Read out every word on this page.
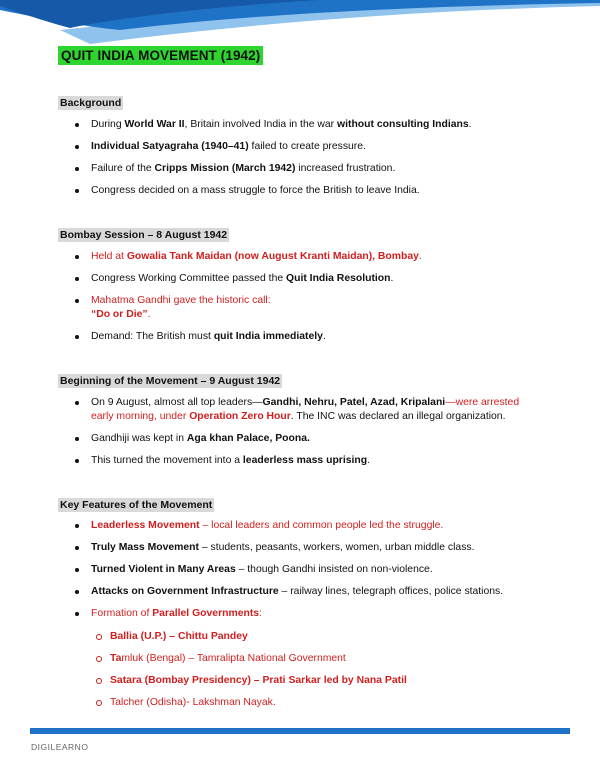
QUIT INDIA MOVEMENT (1942)
Background
During World War II, Britain involved India in the war without consulting Indians.
Individual Satyagraha (1940–41) failed to create pressure.
Failure of the Cripps Mission (March 1942) increased frustration.
Congress decided on a mass struggle to force the British to leave India.
Bombay Session – 8 August 1942
Held at Gowalia Tank Maidan (now August Kranti Maidan), Bombay.
Congress Working Committee passed the Quit India Resolution.
Mahatma Gandhi gave the historic call:
“Do or Die”.
Demand: The British must quit India immediately.
Beginning of the Movement – 9 August 1942
On 9 August, almost all top leaders—Gandhi, Nehru, Patel, Azad, Kripalani—were arrested early morning, under Operation Zero Hour. The INC was declared an illegal organization.
Gandhiji was kept in Aga khan Palace, Poona.
This turned the movement into a leaderless mass uprising.
Key Features of the Movement
Leaderless Movement – local leaders and common people led the struggle.
Truly Mass Movement – students, peasants, workers, women, urban middle class.
Turned Violent in Many Areas – though Gandhi insisted on non-violence.
Attacks on Government Infrastructure – railway lines, telegraph offices, police stations.
Formation of Parallel Governments:
Ballia (U.P.) – Chittu Pandey
Tamluk (Bengal) – Tamralipta National Government
Satara (Bombay Presidency) – Prati Sarkar led by Nana Patil
Talcher (Odisha)- Lakshman Nayak.
DIGILEARNO
